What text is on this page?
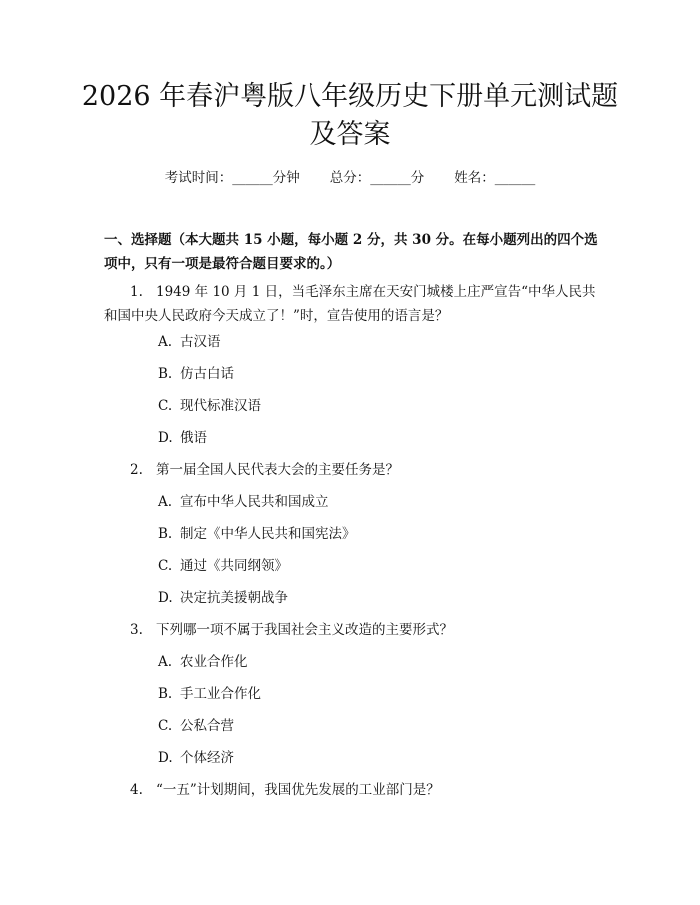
2026 年春沪粤版八年级历史下册单元测试题
及答案
考试时间：______分钟 总分：______分 姓名：______
一、选择题（本大题共 15 小题，每小题 2 分，共 30 分。在每小题列出的四个选项中，只有一项是最符合题目要求的。）
1. 1949 年 10 月 1 日，当毛泽东主席在天安门城楼上庄严宣告“中华人民共和国中央人民政府今天成立了！”时，宣告使用的语言是？
A. 古汉语
B. 仿古白话
C. 现代标准汉语
D. 俄语
2. 第一届全国人民代表大会的主要任务是？
A. 宣布中华人民共和国成立
B. 制定《中华人民共和国宪法》
C. 通过《共同纲领》
D. 决定抗美援朝战争
3. 下列哪一项不属于我国社会主义改造的主要形式？
A. 农业合作化
B. 手工业合作化
C. 公私合营
D. 个体经济
4. “一五”计划期间，我国优先发展的工业部门是？
